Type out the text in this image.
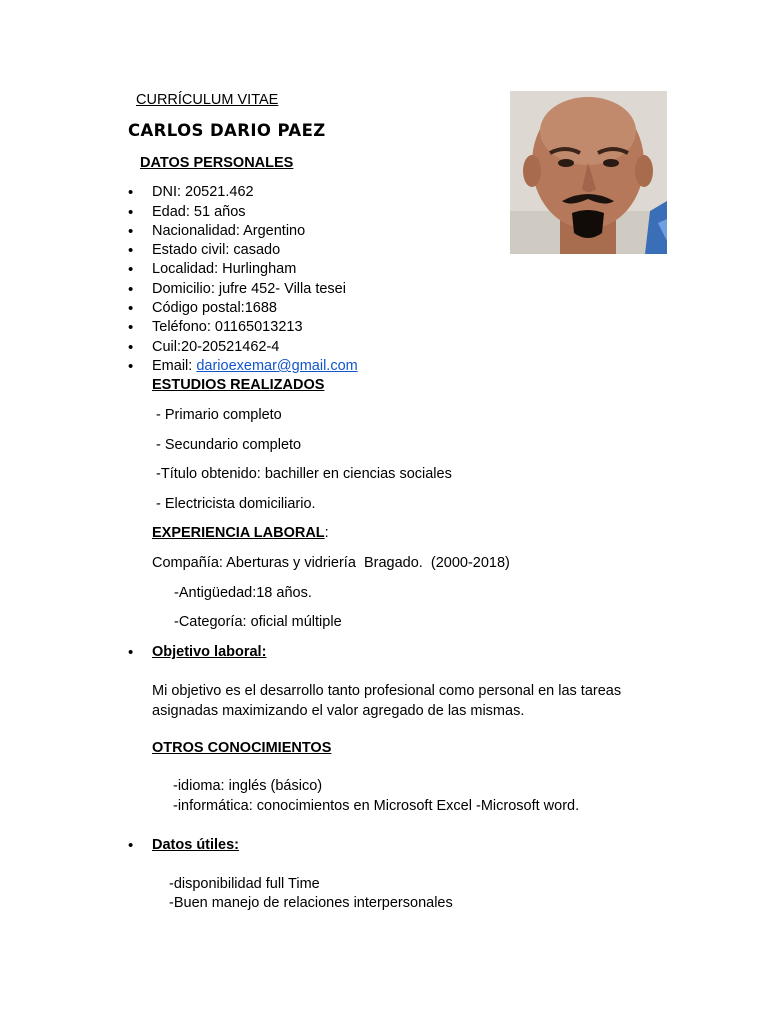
CURRÍCULUM VITAE
CARLOS DARIO PAEZ
DATOS PERSONALES
• DNI: 20521.462
• Edad: 51 años
• Nacionalidad: Argentino
• Estado civil: casado
• Localidad: Hurlingham
• Domicilio: jufre 452- Villa tesei
• Código postal:1688
• Teléfono: 01165013213
• Cuil:20-20521462-4
• Email: darioexemar@gmail.com
ESTUDIOS REALIZADOS
- Primario completo
- Secundario completo
-Título obtenido: bachiller en ciencias sociales
- Electricista domiciliario.
EXPERIENCIA LABORAL:
Compañía: Aberturas y vidriería  Bragado.  (2000-2018)
-Antigüedad:18 años.
-Categoría: oficial múltiple
• Objetivo laboral:
Mi objetivo es el desarrollo tanto profesional como personal en las tareas asignadas maximizando el valor agregado de las mismas.
OTROS CONOCIMIENTOS
-idioma: inglés (básico)
-informática: conocimientos en Microsoft Excel -Microsoft word.
• Datos útiles:
-disponibilidad full Time
-Buen manejo de relaciones interpersonales
